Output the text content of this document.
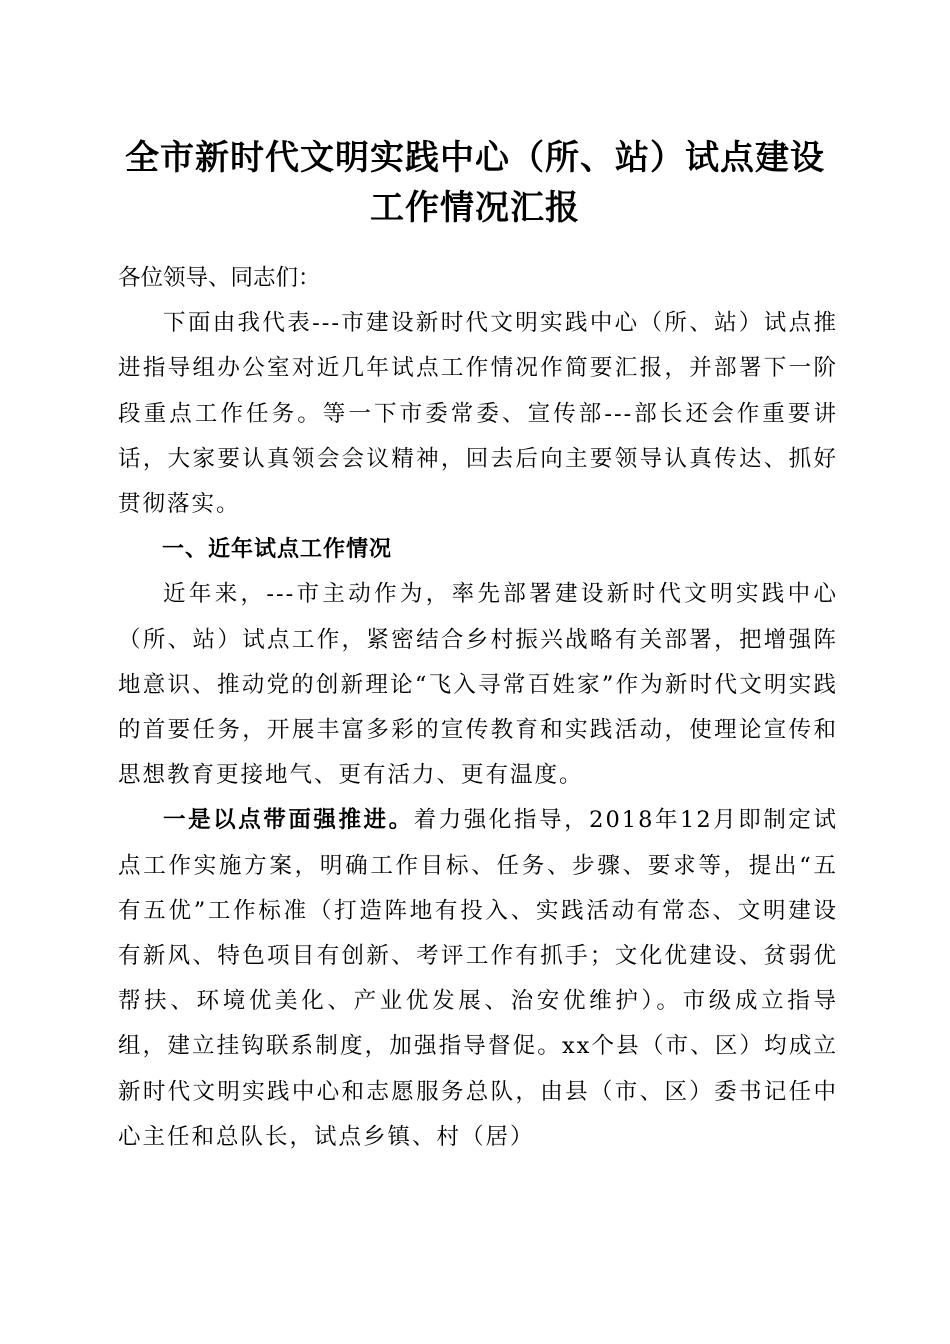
全市新时代文明实践中心（所、站）试点建设
工作情况汇报

各位领导、同志们：

下面由我代表---市建设新时代文明实践中心（所、站）试点推进指导组办公室对近几年试点工作情况作简要汇报，并部署下一阶段重点工作任务。等一下市委常委、宣传部---部长还会作重要讲话，大家要认真领会会议精神，回去后向主要领导认真传达、抓好贯彻落实。

一、近年试点工作情况

近年来，---市主动作为，率先部署建设新时代文明实践中心（所、站）试点工作，紧密结合乡村振兴战略有关部署，把增强阵地意识、推动党的创新理论“飞入寻常百姓家”作为新时代文明实践的首要任务，开展丰富多彩的宣传教育和实践活动，使理论宣传和思想教育更接地气、更有活力、更有温度。

一是以点带面强推进。着力强化指导，2018年12月即制定试点工作实施方案，明确工作目标、任务、步骤、要求等，提出“五有五优”工作标准（打造阵地有投入、实践活动有常态、文明建设有新风、特色项目有创新、考评工作有抓手；文化优建设、贫弱优帮扶、环境优美化、产业优发展、治安优维护）。市级成立指导组，建立挂钩联系制度，加强指导督促。xx个县（市、区）均成立新时代文明实践中心和志愿服务总队，由县（市、区）委书记任中心主任和总队长，试点乡镇、村（居）
